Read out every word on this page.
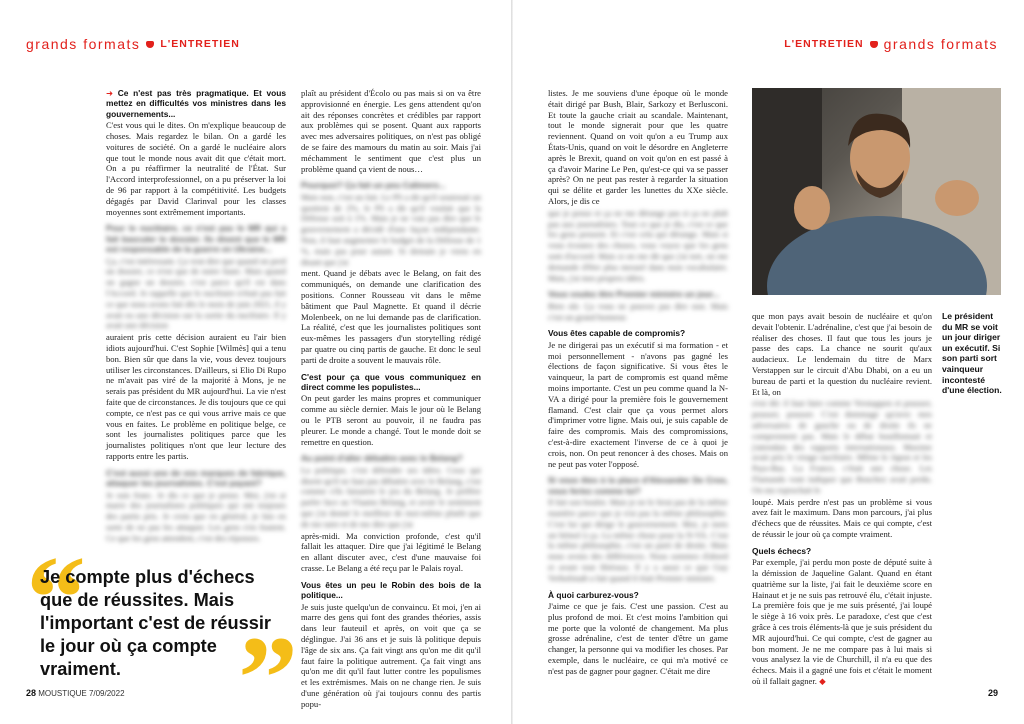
grands formats L'ENTRETIEN
➜ Ce n'est pas très pragmatique. Et vous mettez en difficultés vos ministres dans les gouvernements...

C'est vous qui le dites. On m'explique beaucoup de choses. Mais regardez le bilan. On a gardé les voitures de société. On a gardé le nucléaire alors que tout le monde nous avait dit que c'était mort. On a pu réaffirmer la neutralité de l'État. Sur l'Accord interprofessionnel, on a pu préserver la loi de 96 par rapport à la compétitivité. Les budgets dégagés par David Clarinval pour les classes moyennes sont extrêmement importants.

Pour le nucléaire, ce n'est pas le MR qui a fait basculer le dossier. Ils disent que le MR est responsable de la guerre en Ukraine...

Ça, c'est intéressant. Ça veut dire que quand on perd un dossier, ce n'est que de notre faute. Mais quand on gagne un dossier, c'est parce qu'il est dans l'Accord. Je rappelle que le nucléaire n'était pas fait ce que nous avons fait dès le mois de juin 2021, il y avait eu une décision sur la sortie du nucléaire. Il y avait une décision

auraient pris cette décision auraient eu l'air bien idiots aujourd'hui. C'est Sophie [Wilmès] qui a tenu bon. Bien sûr que dans la vie, vous devez toujours utiliser les circonstances. D'ailleurs, si Elio Di Rupo ne m'avait pas viré de la majorité à Mons, je ne serais pas président du MR aujourd'hui. La vie n'est faite que de circonstances. Je dis toujours que ce qui compte, ce n'est pas ce qui vous arrive mais ce que vous en faites. Le problème en politique belge, ce sont les journalistes politiques parce que les journalistes politiques n'ont que leur lecture des rapports entre les partis.

C'est aussi une de vos marques de fabrique, attaquer les journalistes. C'est payant?

Je suis franc. Je dis ce que je pense. Moi, j'en ai marre des journalistes politiques qui ont toujours des partis pris. Je crois que en général, je fais en sorte de ne pas les attaquer. Les gens s'en foutent. Ce que les gens attendent, c'est des réponses.

plaît au président d'Écolo ou pas mais si on va être approvisionné en énergie. Les gens attendent qu'on ait des réponses concrètes et crédibles par rapport aux problèmes qui se posent. Quant aux rapports avec mes adversaires politiques, on n'est pas obligé de se faire des mamours du matin au soir. Mais j'ai méchamment le sentiment que c'est plus un problème quand ça vient de nous…

Pourquoi? Ça fait un peu Calimero...

Mais non, c'est un fait. Le PS a dit qu'il soutenait un quotient de 2%, le PS a dit qu'il voulait que la Défense soit à 1%. Mais je ne vais pas dire que le gouvernement a décidé d'une façon indépendante. Non, il faut augmenter le budget de la Défense de 1 %, mais pas pour autant. Si demain je viens en disant que j'ai

ment. Quand je débats avec le Belang, on fait des communiqués, on demande une clarification des positions. Conner Rousseau vit dans le même bâtiment que Paul Magnette. Et quand il décrie Molenbeek, on ne lui demande pas de clarification. La réalité, c'est que les journalistes politiques sont eux-mêmes les passagers d'un storytelling rédigé par quatre ou cinq partis de gauche. Et donc le seul parti de droite a souvent le mauvais rôle.

C'est pour ça que vous communiquez en direct comme les populistes...

On peut garder les mains propres et communiquer comme au siècle dernier. Mais le jour où le Belang ou le PTB seront au pouvoir, il ne faudra pas pleurer. Le monde a changé. Tout le monde doit se remettre en question.

Au point d'aller débattre avec le Belang?

La politique, c'est défendre ses idées. Ceux qui disent qu'il ne faut pas débattre avec le Belang, c'est comme s'ils faisaient le jeu du Belang. Je préfère parler face au Vlaams Belang, et avoir le sentiment que j'ai donné le meilleur de moi-même plutôt que de me taire et de me dire que j'ai

après-midi. Ma conviction profonde, c'est qu'il fallait les attaquer. Dire que j'ai légitimé le Belang en allant discuter avec, c'est d'une mauvaise foi crasse. Le Belang a été reçu par le Palais royal.

Vous êtes un peu le Robin des bois de la politique...

Je suis juste quelqu'un de convaincu. Et moi, j'en ai marre des gens qui font des grandes théories, assis dans leur fauteuil et après, on voit que ça se déglingue. J'ai 36 ans et je suis là politique depuis l'âge de six ans. Ça fait vingt ans qu'on me dit qu'il faut faire la politique autrement. Ça fait vingt ans qu'on me dit qu'il faut lutter contre les populismes et les extrémismes. Mais on ne change rien. Je suis d'une génération où j'ai toujours connu des partis popu-

“
Je compte plus d'échecs que de réussites. Mais l'important c'est de réussir le jour où ça compte vraiment. ”
28 MOUSTIQUE 7/09/2022
L'ENTRETIEN grands formats

listes. Je me souviens d'une époque où le monde était dirigé par Bush, Blair, Sarkozy et Berlusconi. Et toute la gauche criait au scandale. Maintenant, tout le monde signerait pour que les quatre reviennent. Quand on voit qu'on a eu Trump aux États-Unis, quand on voit le désordre en Angleterre après le Brexit, quand on voit qu'on en est passé à ça d'avoir Marine Le Pen, qu'est-ce qui va se passer après? On ne peut pas rester à regarder la situation qui se délite et garder les lunettes du XXe siècle. Alors, je dis ce

que je pense et ça ne me dérange pas si ça ne plaît pas aux journalistes. Tout ce que je dis, c'est ce que les gens pensent. Et c'est cela qui dérange. Mais si vous écoutez des choses, vous voyez que les gens sont d'accord. Mais si on me dit que j'ai tort, on me demande d'être plus mesuré dans mon vocabulaire. Mais, j'ai mes propres idées.

Vous voulez être Premier ministre un jour...

Bien sûr. Ça vous ne pouvez pas dire non. Mais c'est un grand honneur.

Vous êtes capable de compromis?

Je ne dirigerai pas un exécutif si ma formation - et moi personnellement - n'avons pas gagné les élections de façon significative. Si vous êtes le vainqueur, la part de compromis est quand même moins importante. C'est un peu comme quand la N-VA a dirigé pour la première fois le gouvernement flamand. C'est clair que ça vous permet alors d'imprimer votre ligne. Mais oui, je suis capable de faire des compromis. Mais des compromissions, c'est-à-dire exactement l'inverse de ce à quoi je crois, non. On peut renoncer à des choses. Mais on ne peut pas voter l'opposé.

Si vous êtes à la place d'Alexander De Croo, vous feriez comme lui?

Il fait son boulot. Mais je ne le ferai pas de la même manière parce que je n'ai pas la même philosophie. C'est lui qui dirige le gouvernement. Moi, je mets un bémol à ça. La même chose pour la N-VA. C'est la même philosophie, c'est un parti de droite. Mais nous avons des différences. Nous sommes d'abord et avant tout libéraux. Il y a aussi ce que Guy Verhofstadt a fait quand il était Premier ministre.

À quoi carburez-vous?

J'aime ce que je fais. C'est une passion. C'est au plus profond de moi. Et c'est moins l'ambition qui me porte que la volonté de changement. Ma plus grosse adrénaline, c'est de tenter d'être un game changer, la personne qui va modifier les choses. Par exemple, dans le nucléaire, ce qui m'a motivé ce n'est pas de gagner pour gagner. C'était me dire

que mon pays avait besoin de nucléaire et qu'on devait l'obtenir. L'adrénaline, c'est que j'ai besoin de réaliser des choses. Il faut que tous les jours je passe des caps. La chance ne sourit qu'aux audacieux. Le lendemain du titre de Marx Verstappen sur le circuit d'Abu Dhabi, on a eu un bureau de parti et la question du nucléaire revient. Et là, on

s'est dit: il faut faire comme Verstappen et pousser, pousser, pousser. C'est dommage qu'avec mes adversaires de gauche ou de droite ils ne comprennent pas. Mais le débat bouillonnait et j'attendais des rapports internationaux. Maxime avait pris le virage nucléaire. Même le Japon et les Pays-Bas. La France, c'était une chose. Les Flamands vont indiquer que Bouchez avait perdu. On me reprochait le

loupé. Mais perdre n'est pas un problème si vous avez fait le maximum. Dans mon parcours, j'ai plus d'échecs que de réussites. Mais ce qui compte, c'est de réussir le jour où ça compte vraiment.

Quels échecs?

Par exemple, j'ai perdu mon poste de député suite à la démission de Jaqueline Galant. Quand en étant quatrième sur la liste, j'ai fait le deuxième score en Hainaut et je ne suis pas retrouvé élu, c'était injuste. La première fois que je me suis présenté, j'ai loupé le siège à 16 voix près. Le paradoxe, c'est que c'est grâce à ces trois éléments-là que je suis président du MR aujourd'hui. Ce qui compte, c'est de gagner au bon moment. Je ne me compare pas à lui mais si vous analysez la vie de Churchill, il n'a eu que des échecs. Mais il a gagné une fois et c'était le moment où il fallait gagner. ◆

Le président du MR se voit un jour diriger un exécutif. Si son parti sort vainqueur incontesté d'une élection.
29
